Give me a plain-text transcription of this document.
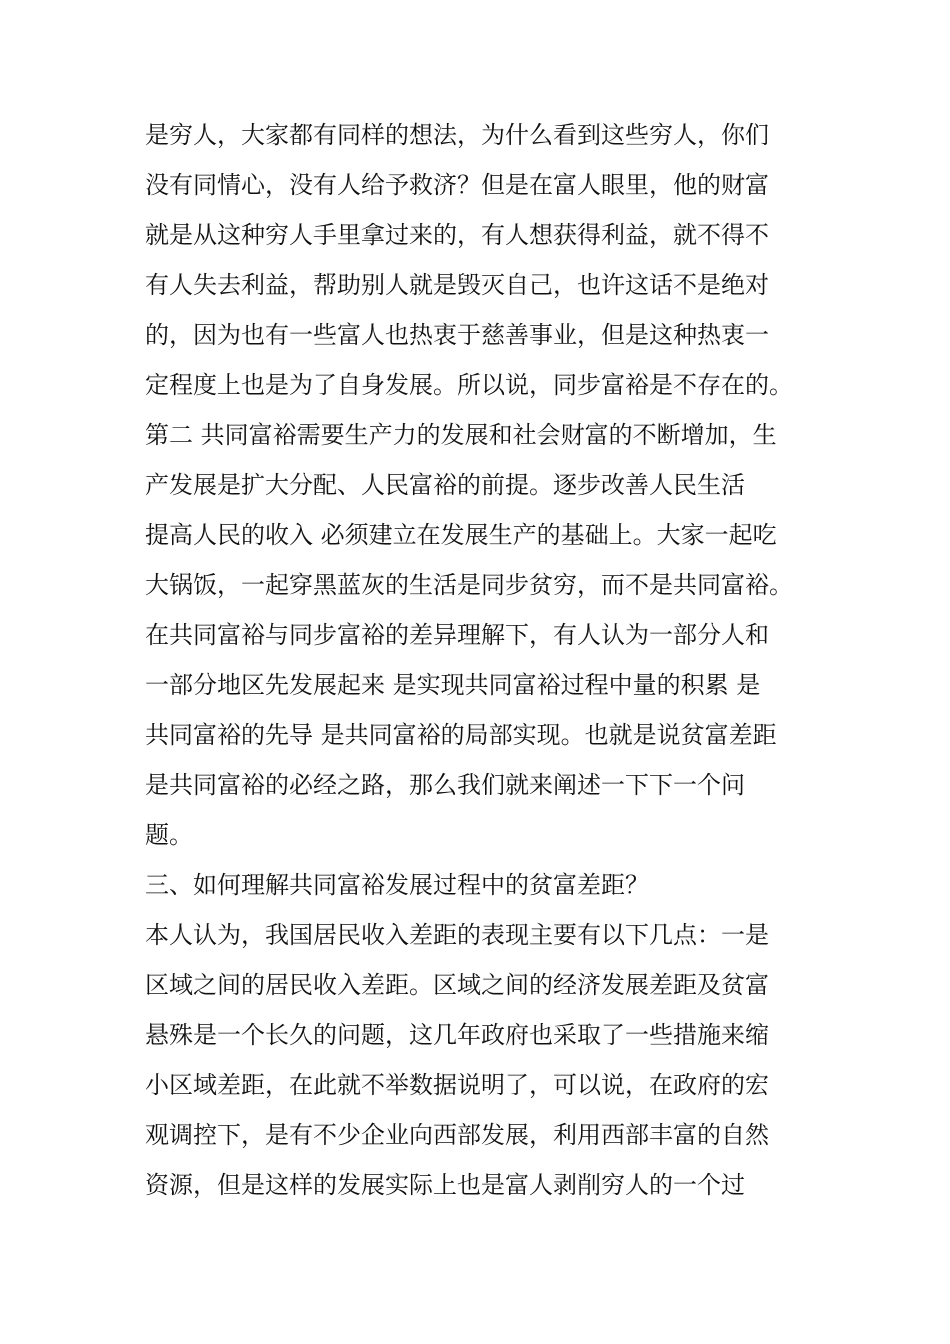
是穷人，大家都有同样的想法，为什么看到这些穷人，你们
没有同情心，没有人给予救济？但是在富人眼里，他的财富
就是从这种穷人手里拿过来的，有人想获得利益，就不得不
有人失去利益，帮助别人就是毁灭自己，也许这话不是绝对
的，因为也有一些富人也热衷于慈善事业，但是这种热衷一
定程度上也是为了自身发展。所以说，同步富裕是不存在的。
第二 共同富裕需要生产力的发展和社会财富的不断增加，生
产发展是扩大分配、人民富裕的前提。逐步改善人民生活
提高人民的收入 必须建立在发展生产的基础上。大家一起吃
大锅饭，一起穿黑蓝灰的生活是同步贫穷，而不是共同富裕。
在共同富裕与同步富裕的差异理解下，有人认为一部分人和
一部分地区先发展起来 是实现共同富裕过程中量的积累 是
共同富裕的先导 是共同富裕的局部实现。也就是说贫富差距
是共同富裕的必经之路，那么我们就来阐述一下下一个问
题。
三、如何理解共同富裕发展过程中的贫富差距？
本人认为，我国居民收入差距的表现主要有以下几点：一是
区域之间的居民收入差距。区域之间的经济发展差距及贫富
悬殊是一个长久的问题，这几年政府也采取了一些措施来缩
小区域差距，在此就不举数据说明了，可以说，在政府的宏
观调控下，是有不少企业向西部发展，利用西部丰富的自然
资源，但是这样的发展实际上也是富人剥削穷人的一个过
